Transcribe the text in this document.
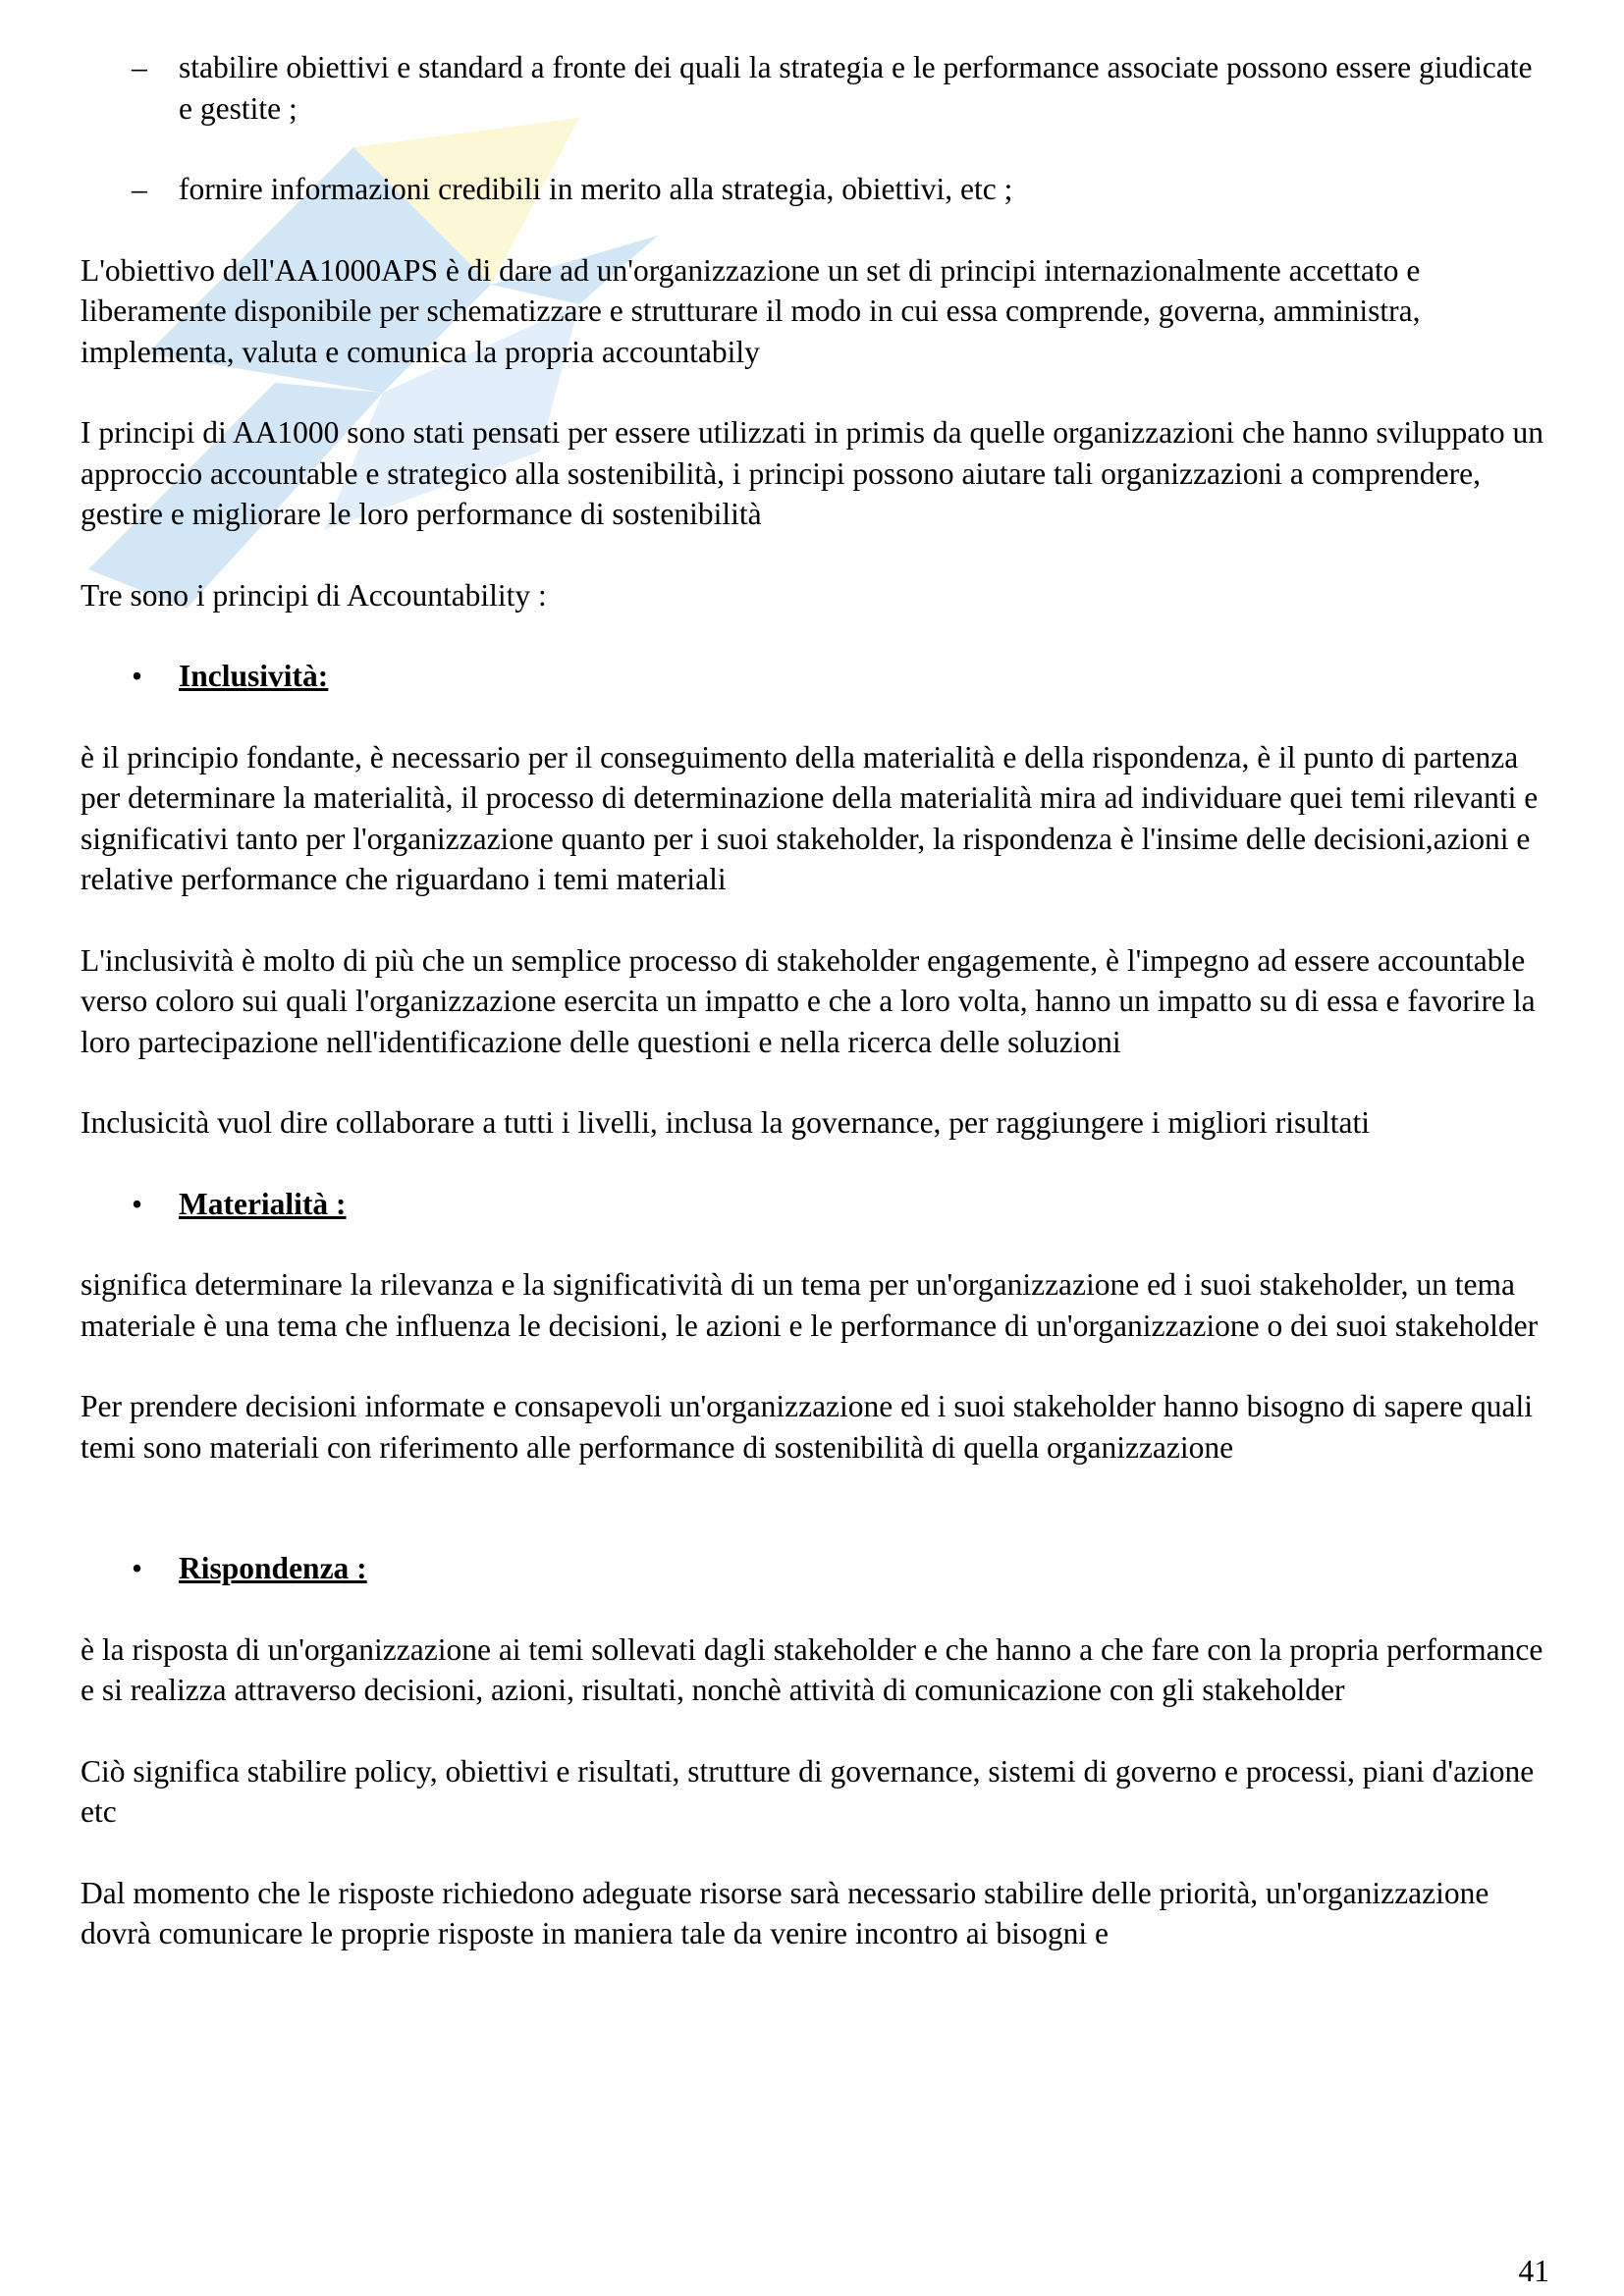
– stabilire obiettivi e standard a fronte dei quali la strategia e le performance associate possono essere giudicate e gestite ;
– fornire informazioni credibili in merito alla strategia, obiettivi, etc ;

L'obiettivo dell'AA1000APS è di dare ad un'organizzazione un set di principi internazionalmente accettato e liberamente disponibile per schematizzare e strutturare il modo in cui essa comprende, governa, amministra, implementa, valuta e comunica la propria accountabily

I principi di AA1000 sono stati pensati per essere utilizzati in primis da quelle organizzazioni che hanno sviluppato un approccio accountable e strategico alla sostenibilità, i principi possono aiutare tali organizzazioni a comprendere, gestire e migliorare le loro performance di sostenibilità

Tre sono i principi di Accountability :

• Inclusività:

è il principio fondante, è necessario per il conseguimento della materialità e della rispondenza, è il punto di partenza per determinare la materialità, il processo di determinazione della materialità mira ad individuare quei temi rilevanti e significativi tanto per l'organizzazione quanto per i suoi stakeholder, la rispondenza è l'insime delle decisioni,azioni e relative performance che riguardano i temi materiali

L'inclusività è molto di più che un semplice processo di stakeholder engagemente, è l'impegno ad essere accountable verso coloro sui quali l'organizzazione esercita un impatto e che a loro volta, hanno un impatto su di essa e favorire la loro partecipazione nell'identificazione delle questioni e nella ricerca delle soluzioni

Inclusicità vuol dire collaborare a tutti i livelli, inclusa la governance, per raggiungere i migliori risultati

• Materialità :

significa determinare la rilevanza e la significatività di un tema per un'organizzazione ed i suoi stakeholder, un tema materiale è una tema che influenza le decisioni, le azioni e le performance di un'organizzazione o dei suoi stakeholder

Per prendere decisioni informate e consapevoli un'organizzazione ed i suoi stakeholder hanno bisogno di sapere quali temi sono materiali con riferimento alle performance di sostenibilità di quella organizzazione

• Rispondenza :

è la risposta di un'organizzazione ai temi sollevati dagli stakeholder e che hanno a che fare con la propria performance e si realizza attraverso decisioni, azioni, risultati, nonchè attività di comunicazione con gli stakeholder

Ciò significa stabilire policy, obiettivi e risultati, strutture di governance, sistemi di governo e processi, piani d'azione etc

Dal momento che le risposte richiedono adeguate risorse sarà necessario stabilire delle priorità, un'organizzazione dovrà comunicare le proprie risposte in maniera tale da venire incontro ai bisogni e

41
